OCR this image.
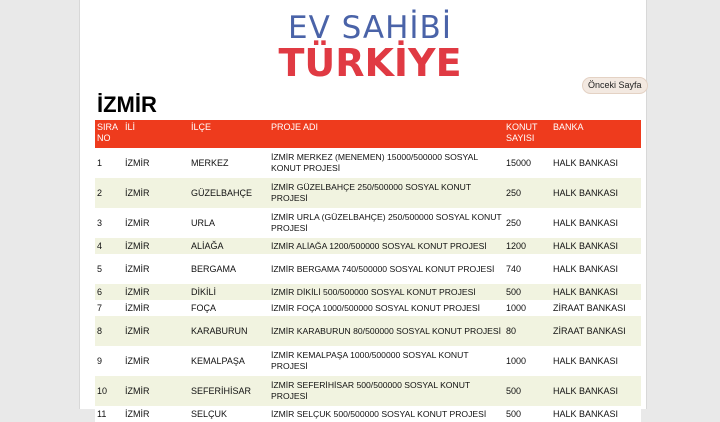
EV SAHİBİ
TÜRKİYE	Önceki Sayfa
İZMİR
SIRA NO	İLİ	İLÇE	PROJE ADI	KONUT SAYISI	BANKA
1	İZMİR	MERKEZ	İZMİR MERKEZ (MENEMEN) 15000/500000 SOSYAL KONUT PROJESİ	15000	HALK BANKASI
2	İZMİR	GÜZELBAHÇE	İZMİR GÜZELBAHÇE 250/500000 SOSYAL KONUT PROJESİ	250	HALK BANKASI
3	İZMİR	URLA	İZMİR URLA (GÜZELBAHÇE) 250/500000 SOSYAL KONUT PROJESİ	250	HALK BANKASI
4	İZMİR	ALİAĞA	İZMİR ALİAĞA 1200/500000 SOSYAL KONUT PROJESİ	1200	HALK BANKASI
5	İZMİR	BERGAMA	İZMİR BERGAMA 740/500000 SOSYAL KONUT PROJESİ	740	HALK BANKASI
6	İZMİR	DİKİLİ	İZMİR DİKİLİ 500/500000 SOSYAL KONUT PROJESİ	500	HALK BANKASI
7	İZMİR	FOÇA	İZMİR FOÇA 1000/500000 SOSYAL KONUT PROJESİ	1000	ZİRAAT BANKASI
8	İZMİR	KARABURUN	İZMİR KARABURUN 80/500000 SOSYAL KONUT PROJESİ	80	ZİRAAT BANKASI
9	İZMİR	KEMALPAŞA	İZMİR KEMALPAŞA 1000/500000 SOSYAL KONUT PROJESİ	1000	HALK BANKASI
10	İZMİR	SEFERİHİSAR	İZMİR SEFERİHİSAR 500/500000 SOSYAL KONUT PROJESİ	500	HALK BANKASI
11	İZMİR	SELÇUK	İZMİR SELÇUK 500/500000 SOSYAL KONUT PROJESİ	500	HALK BANKASI
